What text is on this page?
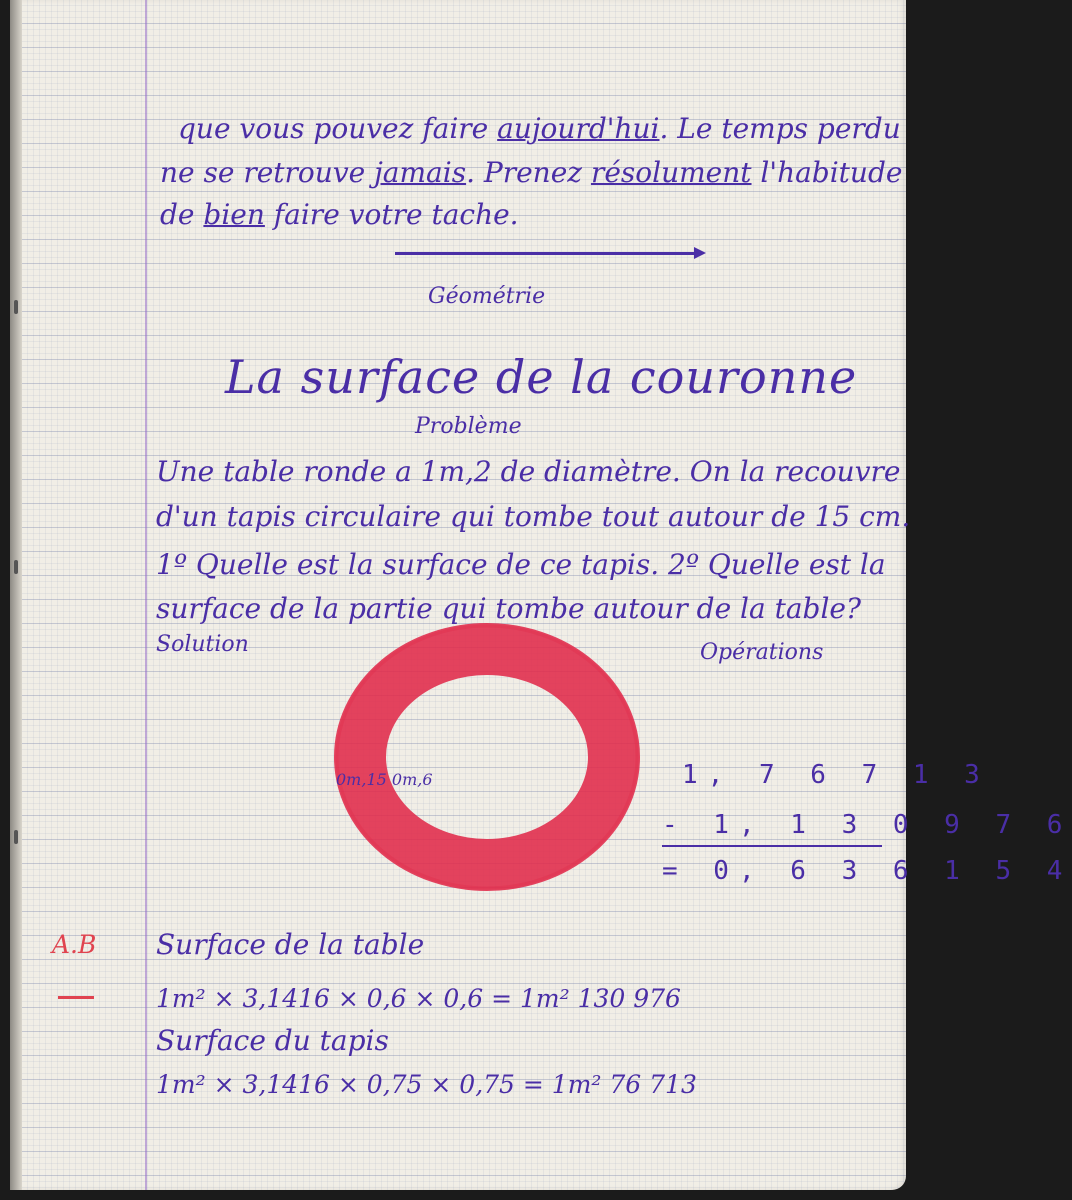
que vous pouvez faire aujourd'hui. Le temps perdu
ne se retrouve jamais. Prenez résolument l'habitude
de bien faire votre tache.
Géométrie
La surface de la couronne
Problème
Une table ronde a 1m,2 de diamètre. On la recouvre
d'un tapis circulaire qui tombe tout autour de 15 cm.
1º Quelle est la surface de ce tapis. 2º Quelle est la
surface de la partie qui tombe autour de la table?
Solution	Opérations
0m,15 0m,6	1, 7 6 7 1 3
- 1, 1 3 0 9 7 6
= 0, 6 3 6 1 5 4
A.B Surface de la table
1m² × 3,1416 × 0,6 × 0,6 = 1m² 130 976
Surface du tapis
1m² × 3,1416 × 0,75 × 0,75 = 1m² 76 713
